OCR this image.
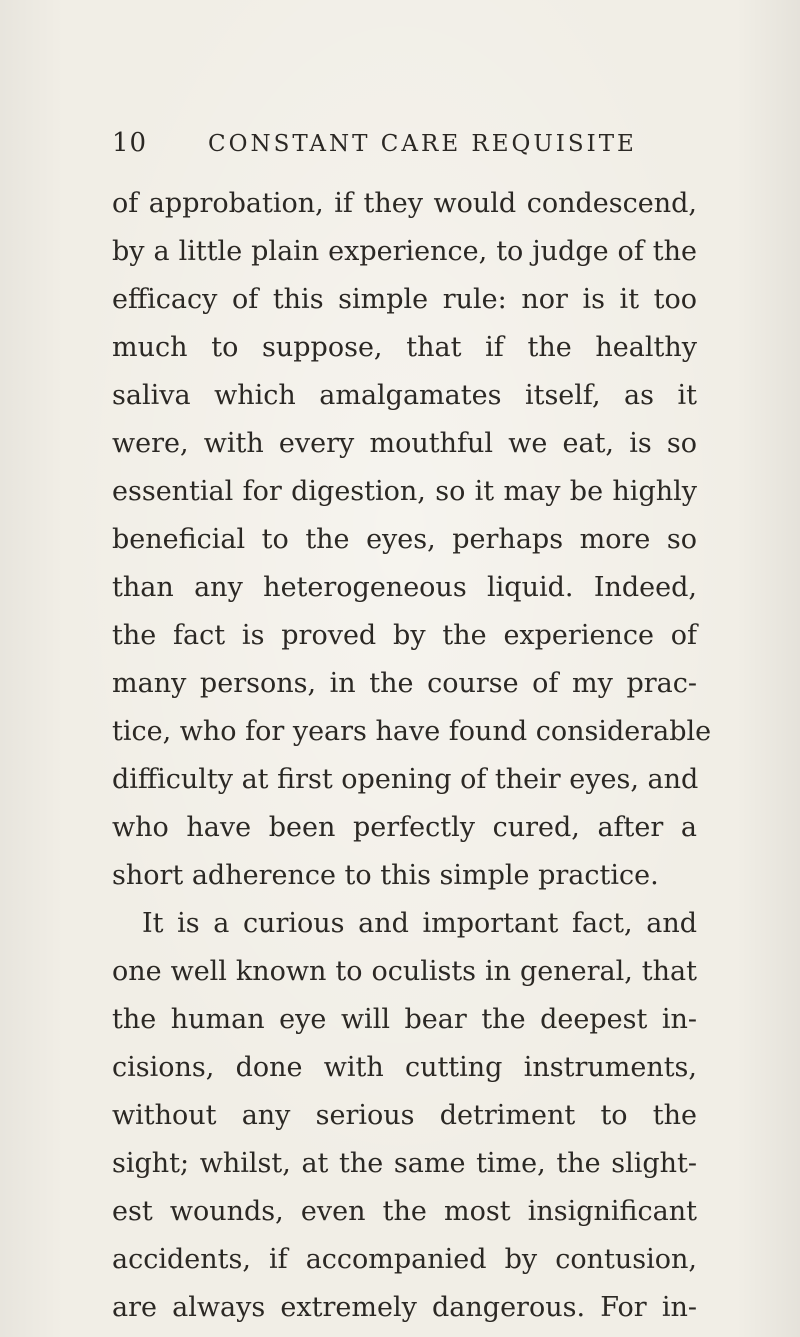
10	CONSTANT CARE REQUISITE
of approbation, if they would condescend,
by a little plain experience, to judge of the
efficacy of this simple rule: nor is it too
much to suppose, that if the healthy
saliva which amalgamates itself, as it
were, with every mouthful we eat, is so
essential for digestion, so it may be highly
beneficial to the eyes, perhaps more so
than any heterogeneous liquid. Indeed,
the fact is proved by the experience of
many persons, in the course of my prac-
tice, who for years have found considerable
difficulty at first opening of their eyes, and
who have been perfectly cured, after a
short adherence to this simple practice.
It is a curious and important fact, and
one well known to oculists in general, that
the human eye will bear the deepest in-
cisions, done with cutting instruments,
without any serious detriment to the
sight; whilst, at the same time, the slight-
est wounds, even the most insignificant
accidents, if accompanied by contusion,
are always extremely dangerous. For in-
